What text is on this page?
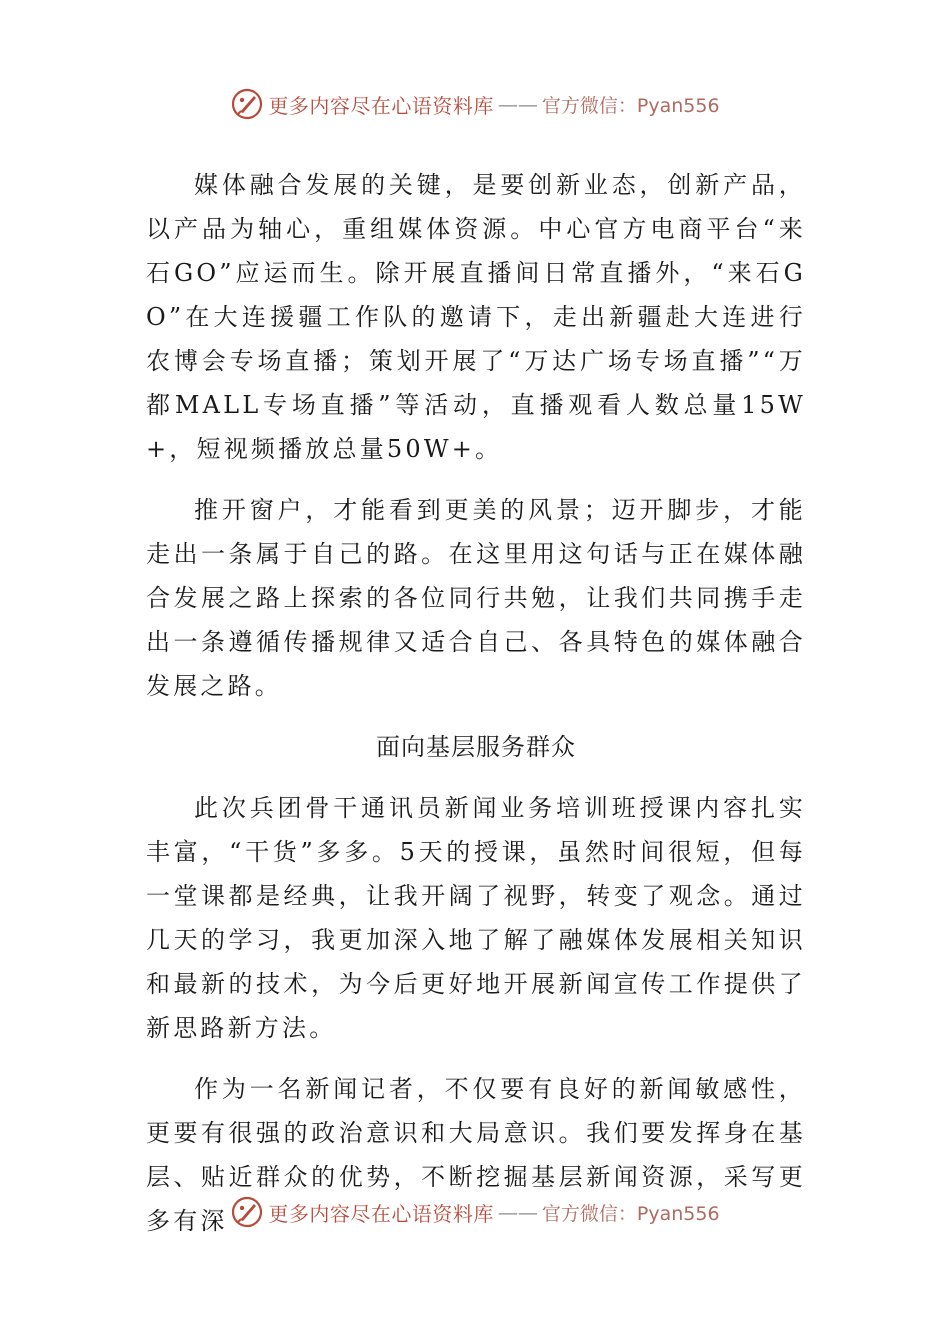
更多内容尽在心语资料库 —— 官方微信：Pyan556

媒体融合发展的关键，是要创新业态，创新产品，以产品为轴心，重组媒体资源。中心官方电商平台“来石GO”应运而生。除开展直播间日常直播外，“来石GO”在大连援疆工作队的邀请下，走出新疆赴大连进行农博会专场直播；策划开展了“万达广场专场直播”“万都MALL专场直播”等活动，直播观看人数总量15W+，短视频播放总量50W+。

推开窗户，才能看到更美的风景；迈开脚步，才能走出一条属于自己的路。在这里用这句话与正在媒体融合发展之路上探索的各位同行共勉，让我们共同携手走出一条遵循传播规律又适合自己、各具特色的媒体融合发展之路。

面向基层服务群众

此次兵团骨干通讯员新闻业务培训班授课内容扎实丰富，“干货”多多。5天的授课，虽然时间很短，但每一堂课都是经典，让我开阔了视野，转变了观念。通过几天的学习，我更加深入地了解了融媒体发展相关知识和最新的技术，为今后更好地开展新闻宣传工作提供了新思路新方法。

作为一名新闻记者，不仅要有良好的新闻敏感性，更要有很强的政治意识和大局意识。我们要发挥身在基层、贴近群众的优势，不断挖掘基层新闻资源，采写更多有深	更多内容尽在心语资料库 —— 官方微信：Pyan556
